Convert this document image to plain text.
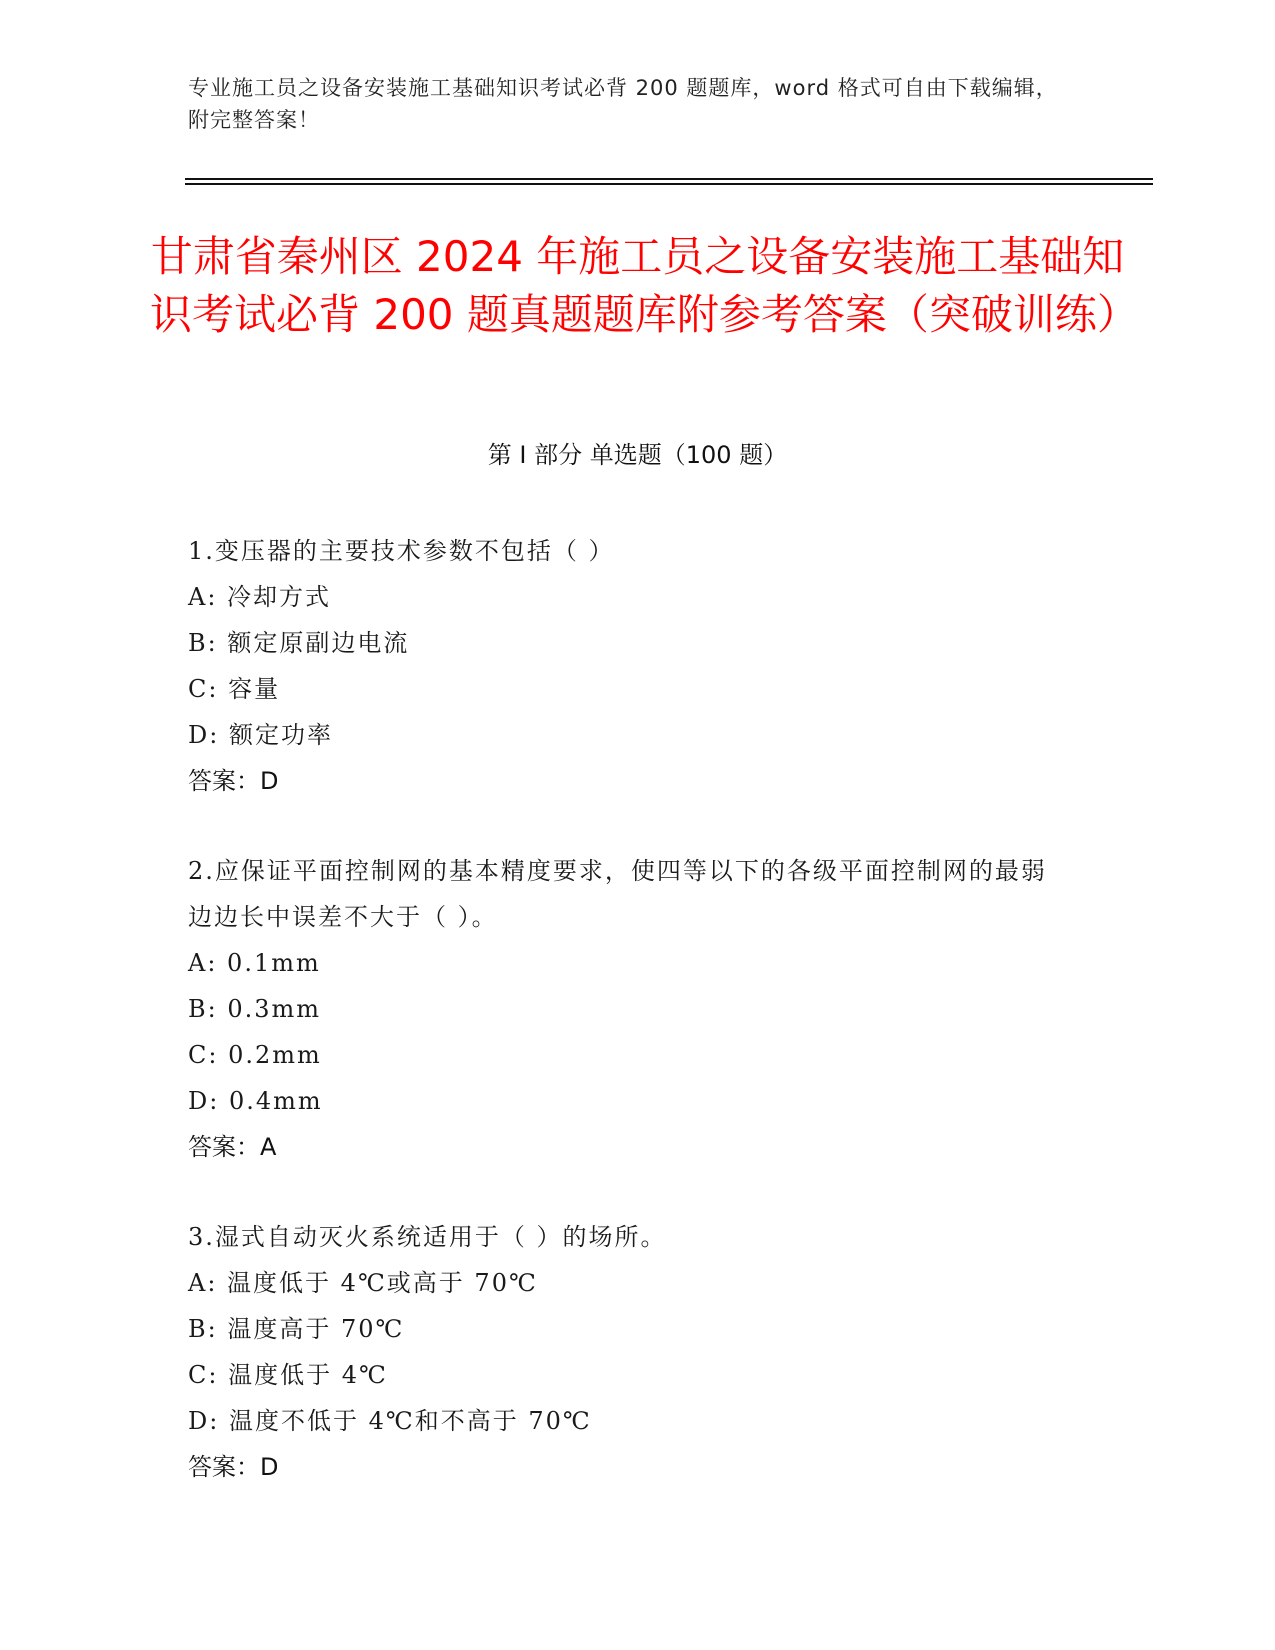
专业施工员之设备安装施工基础知识考试必背 200 题题库，word 格式可自由下载编辑，附完整答案！
甘肃省秦州区 2024 年施工员之设备安装施工基础知识考试必背 200 题真题题库附参考答案（突破训练）
第 I 部分 单选题（100 题）
1.变压器的主要技术参数不包括（ ）
A: 冷却方式
B: 额定原副边电流
C: 容量
D: 额定功率
答案：D
2.应保证平面控制网的基本精度要求，使四等以下的各级平面控制网的最弱边边长中误差不大于（ ）。
A: 0.1mm
B: 0.3mm
C: 0.2mm
D: 0.4mm
答案：A
3.湿式自动灭火系统适用于（ ）的场所。
A: 温度低于 4℃或高于 70℃
B: 温度高于 70℃
C: 温度低于 4℃
D: 温度不低于 4℃和不高于 70℃
答案：D
